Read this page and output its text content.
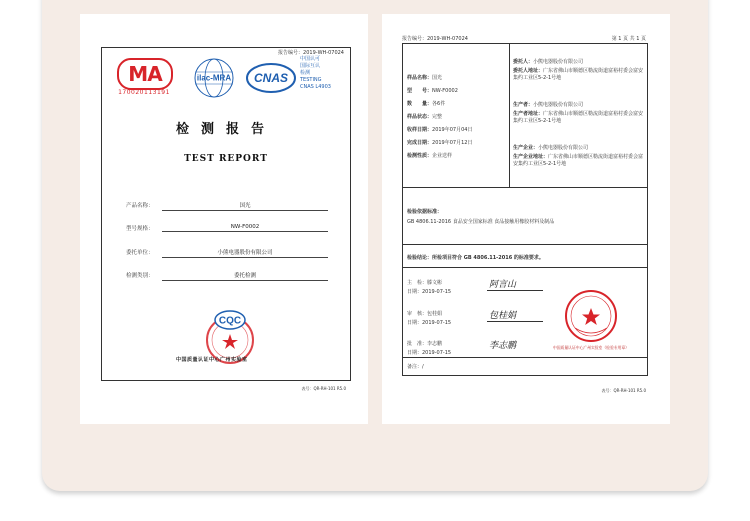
报告编号：2019-WH-07024
MA
170020113191
ilac-MRA CNAS
中国认可
国际互认
检测
TESTING
CNAS L4903
检测报告
TEST REPORT
产品名称：	国光
型号规格：	NW-F0002
委托单位：	小熊电器股份有限公司
检测类别：	委托检测
CQC
中国质量认证中心广州实验室
表号：QR-RH-101 R5.0
报告编号：2019-WH-07024	第 1 页 共 1 页
样品名称：国光
型　　号：NW-F0002
数　　量：各6件
样品状态：完整
收样日期：2019年07月04日
完成日期：2019年07月12日
检测性质：企业送样
委托人：小熊电器股份有限公司
委托人地址：广东省佛山市顺德区勒流街道富裕村委会富安集约工业区5-2-1号地
生产者：小熊电器股份有限公司
生产者地址：广东省佛山市顺德区勒流街道富裕村委会富安集约工业区5-2-1号地
生产企业：小熊电器股份有限公司
生产企业地址：广东省佛山市顺德区勒流街道富裕村委会富安集约工业区5-2-1号地
检验依据标准：
GB 4806.11-2016 食品安全国家标准 食品接触用橡胶材料及制品
检验结论：所检项目符合 GB 4806.11-2016 的标准要求。
主　检：滕文彬
日期：2019-07-15
阿言山
审　核：包桂娟
日期：2019-07-15
包桂娟
批　准：李志鹏
日期：2019-07-15
李志鹏	中国质量认证中心广州实验室（检验专用章）
备注：/
表号：QR-RH-101 R5.0
